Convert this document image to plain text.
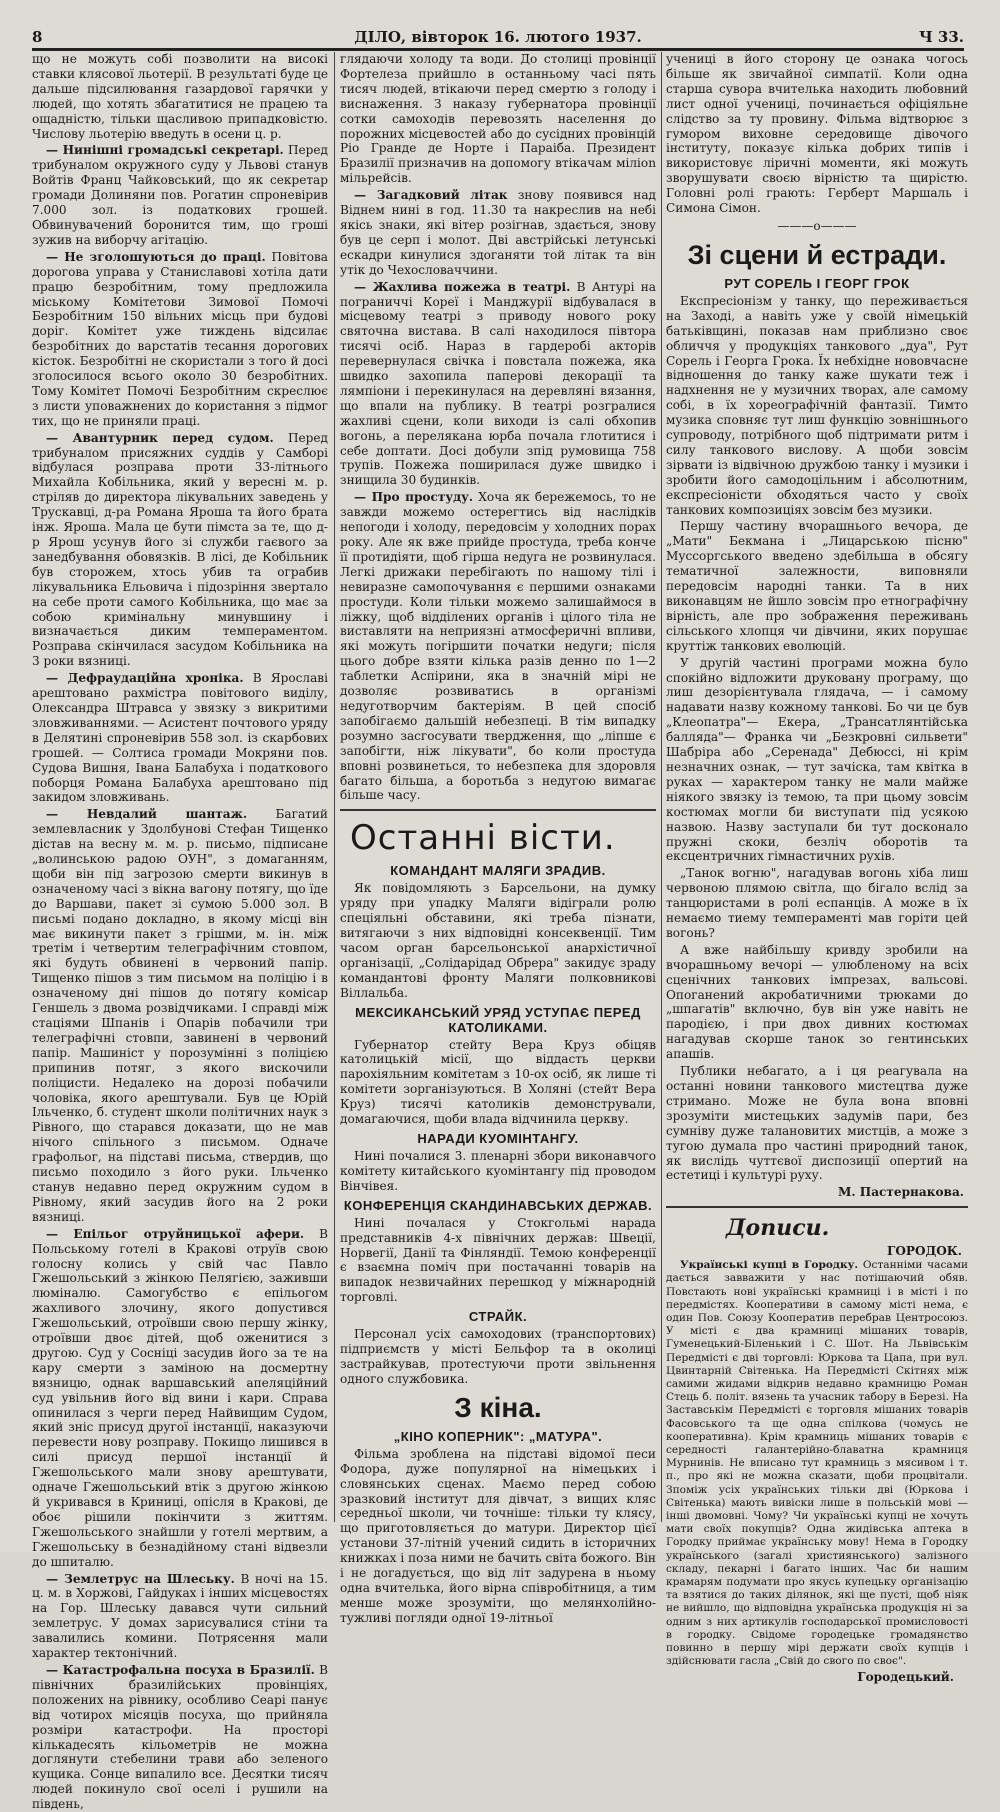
8	ДІЛО, вівторок 16. лютого 1937.	Ч 33.

що не можуть собі позволити на високі ставки клясової льотерії. В результаті буде це дальше підсилювання газардової гарячки у людей, що хотять збагатитися не працею та ощадністю, тільки щасливою припадковістю. Числову льотерію введуть в осени ц. р.

— Нинішні громадські секретарі. Перед трибуналом окружного суду у Львові станув Войтів Франц Чайковський, що як секретар громади Долиняни пов. Рогатин спроневірив 7.000 зол. із податкових грошей. Обвинувачений боронится тим, що гроші зужив на виборчу агітацію.

— Не зголошуються до праці. Повітова дорогова управа у Станиславові хотіла дати працю безробітним, тому предложила міському Комітетови Зимової Помочі Безробітним 150 вільних місць при будові доріг. Комітет уже тиждень відсилає безробітних до варстатів тесання дорогових кісток. Безробітні не скористали з того й досі зголосилося всього около 30 безробітних. Тому Комітет Помочі Безробітним скреслює з листи уповажнених до користання з підмог тих, що не приняли праці.

— Авантурник перед судом. Перед трибуналом присяжних суддів у Самборі відбулася розправа проти 33-літнього Михайла Кобільника, який у вересні м. р. стріляв до директора лікувальних заведень у Трускавці, д-ра Романа Ярoша та його брата інж. Яроша. Мала це бути пімста за те, що д-р Ярош усунув його зі служби гаєвого за занедбування обовязків. В лісі, де Кобільник був сторожем, хтось убив та ограбив лікувальника Ельовича і підозріння звертало на себе проти самого Кобільника, що має за собою кримінальну минувшину і визначається диким темпераментом. Розправа скінчилася засудом Кобільника на 3 роки вязниці.

— Дефраудаційна хроніка. В Ярославі арештовано рахмістра повітового виділу, Олександра Штравса у звязку з викритими зловживаннями. — Асистент почтового уряду в Делятині спроневірив 558 зол. із скарбових грошей. — Солтиса громади Мокряни пов. Судова Вишня, Івана Балабуха і податкового поборця Романа Балабуха арештовано під закидом зловживань.

— Невдалий шантаж. Багатий землевласник у Здолбунові Стефан Тищенко дістав на весну м. м. р. письмо, підписане „волинською радою ОУН", з домаганням, щоби він під загрозою смерти викинув в означеному часі з вікна вагону потягу, що їде до Варшави, пакет зі сумою 5.000 зол. В письмі подано докладно, в якому місці він має викинути пакет з грішми, м. ін. між третім і четвертим телеграфічним стовпом, які будуть обвинені в червоний папір. Тищенко пішов з тим письмом на поліцію і в означеному дні пішов до потягу комісар Геншель з двома розвідчиками. І справді між стаціями Шпанів і Опарів побачили три телеграфічні стовпи, завинені в червоний папір. Машиніст у порозумінні з поліцією припинив потяг, з якого вискочили поліцисти. Недалеко на дорозі побачили чоловіка, якого арештували. Був це Юрій Ільченко, б. студент школи політичних наук з Рівного, що старався доказати, що не мав нічого спільного з письмом. Одначе графольог, на підставі письма, ствердив, що письмо походило з його руки. Ільченко станув недавно перед окружним судом в Рівному, який засудив його на 2 роки вязниці.

— Епільог отруйницької афери. В Польському готелі в Кракові отруїв свою голосну колись у свій час Павло Гжешольський з жінкою Пелягією, заживши люміналю. Самогубство є епільогом жахливого злочину, якого допустився Гжешольський, отроївши свою першу жінку, отроївши двоє дітей, щоб оженитися з другою. Суд у Сосніці засудив його за те на кару смерти з заміною на досмертну вязницю, однак варшавський апеляційний суд увільнив його від вини і кари. Справа опинилася з черги перед Найвищим Судом, який зніс присуд другої інстанції, наказуючи перевести нову розправу. Покищо лишився в силі присуд першої інстанції й Гжешольського мали знову арештувати, одначе Гжешольський втік з другою жінкою й укривався в Криниці, опісля в Кракові, де обоє рішили покінчити з життям. Гжешольського знайшли у готелі мертвим, а Гжешольську в безнадійному стані відвезли до шпиталю.

— Землетрус на Шлеську. В ночі на 15. ц. м. в Хоржові, Гайдуках і інших місцевостях на Гор. Шлеську давався чути сильний землетрус. У домах зарисувалися стіни та завалились комини. Потрясення мали характер тектонічний.

— Катастрофальна посуха в Бразилії. В північних бразилійських провінціях, положених на рівнику, особливо Сеарі панує від чотирох місяців посуха, що прийняла розміри катастрофи. На просторі кількадесять кільометрів не можна доглянути стебелини трави або зеленого кущика. Сонце випалило все. Десятки тисяч людей покинуло свої оселі і рушили на південь,

глядаючи холоду та води. До столиці провінції Фортелеза прийшло в останньому часі пять тисяч людей, втікаючи перед смертю з голоду і виснаження. З наказу губернатора провінції сотки самоходів перевозять населення до порожних місцевостей або до сусідних провінцій Ріо Гранде де Норте і Параіба. Президент Бразилії призначив на допомогу втікачам мілion мільрейсів.

— Загадковий літак знову появився над Віднем нині в год. 11.30 та накреслив на небі якісь знаки, які вітер розігнав, здається, знову був це серп і молот. Дві австрійські летунські ескадри кинулися здоганяти той літак та він утік до Чехословаччини.

— Жахлива пожежа в театрі. В Антурі на пограниччі Кореї і Манджурії відбувалася в місцевому театрі з приводу нового року святочна вистава. В салі находилося півтора тисячі осіб. Нараз в гардеробі акторів перевернулася свічка і повстала пожежа, яка швидко захопила паперові декорації та лямпіони і перекинулася на деревляні вязання, що впали на публику. В театрі розгралися жахливі сцени, коли виходи із салі обхопив вогонь, а переляканa юрба почала глотитися і себе доптати. Досі добули зпід румовища 758 трупів. Пожежа поширилася дуже швидко і знищила 30 будинків.

— Про простуду. Хоча як бережемось, то не завжди можемо остерегтись від наслідків непогоди і холоду, передовсім у холодних порах року. Але як вже прийде простуда, треба конче її протидіяти, щоб гірша недуга не розвинулася. Легкі дрижаки перебігають по нашому тілі і невиразне самопочування є першими ознаками простуди. Коли тільки можемо залишаймося в ліжку, щоб відділених органів і цілого тіла не виставляти на неприязні атмосферичні впливи, які можуть погіршити початки недуги; після цього добре взяти кілька разів денно по 1—2 таблетки Аспірини, яка в значній мірі не дозволяє розвиватись в організмі недуготворчим бактеріям. В цей спосіб запобігаємо дальшій небезпеці. В тім випадку розумно засгосувати твердження, що „ліпше є запобігти, ніж лікувати", бо коли простуда вповні розвинеться, то небезпека для здоровля багато більша, а боротьба з недугою вимагає більше часу.

Останні вісти.
КОМАНДАНТ МАЛЯГИ ЗРАДИВ.

Як повідомляють з Барсельони, на думку уряду при упадку Маляги відіграли ролю спеціяльні обставини, які треба пізнати, витягаючи з них відповідні консеквенції. Тим часом орган барсельонської анархістичної організації, „Солідарідад Обрера" закидує зраду командантові фронту Маляги полковникові Віллальба.

МЕКСИКАНСЬКИЙ УРЯД УСТУПАЄ ПЕРЕД КАТОЛИКАМИ.

Губернатор стейту Вера Круз обіцяв католицькій місії, що віддасть церкви парохіяльним комітетам з 10-ох осіб, як лише ті комітети зорганізуються. В Холяні (стейт Вера Круз) тисячі католиків демонстрували, домагаючися, щоби влада відчинила церкву.

НАРАДИ КУОМІНТАНГУ.

Нині почалися 3. пленарні збори виконавчого комітету китайського куомінтангу під проводом Вінчівея.

КОНФЕРЕНЦІЯ СКАНДИНАВСЬКИХ ДЕРЖАВ.

Нині почалася у Стокгольмі нарада представників 4-х північних держав: Швеції, Норвегії, Данії та Фінляндії. Темою конференції є взаємна поміч при постачанні товарів на випадок незвичайних перешкод у міжнародній торговлі.

СТРАЙК.

Персонал усіх самоходових (транспортових) підприємств у місті Бельфор та в околиці застрайкував, протестуючи проти звільнення одного службовика.

З кіна.
„КІНО КОПЕРНИК": „МАТУРА".

Фільма зроблена на підставі відомої песи Фодора, дуже популярної на німецьких і словянських сценах. Маємо перед собою зразковий інститут для дівчат, з вищих кляс середньої школи, чи точніше: тільки ту клясу, що приготовляється до матури. Директор цієї установи 37-літній учений сидить в історичних книжках і поза ними не бачить світа божого. Він і не догадується, що від літ задурена в ньому одна вчителька, його вірна співробітниця, а тим менше може зрозуміти, що мелянхолійно-тужливі погляди одної 19-літньої

учениці в його сторону це ознака чогось більше як звичайної симпатії. Коли одна старша сувора вчителька находить любовний лист одної учениці, починається офіціяльне слідство за ту провину. Фільма відтворює з гумором виховне середовище дівочого інституту, показує кілька добрих типів і використовує ліричні моменти, які можуть зворушувати своєю вірністю та щирістю. Головні ролі грають: Герберт Маршаль і Симона Сімон.

———о———
Зі сцени й естради.
РУТ СОРЕЛЬ І ГЕОРГ ГРОК

Експресіонізм у танку, що переживається на Заході, а навіть уже у своїй німецькій батьківщині, показав нам приблизно своє обличчя у продукціях танкового „дуа", Рут Сорель і Георга Грока. Їх небхідне нововчасне відношення до танку каже шукати теж і надхнення не у музичних творах, але самому собі, в їх хореографічній фантазії. Тимто музика сповняє тут лиш функцію зовнішнього супроводу, потрібного щоб підтримати ритм і силу танкового вислову. А щоби зовсім зірвати із відвічною дружбою танку і музики і зробити його самодоцільним і абсолютним, експресіоністи обходяться часто у своїх танкових композиціях зовсім без музики.

Першу частину вчорашнього вечора, де „Мати" Бекмана і „Лицарською пісню" Муссоргського введено здебільша в обсягу тематичної залежности, виповняли передовсім народні танки. Та в них виконавцям не йшло зовсім про етнографічну вірність, але про зображення переживань сільського хлопця чи дівчини, яких порушає круттіж танкових еволюцій.

У другій частині програми можна було спокійно відложити друковану програму, що лиш дезорієнтувала глядача, — і самому надавати назву кожному танкові. Бо чи це був „Клеопатра"— Екера, „Трансатлянтійська балляда"— Франка чи „Безкровні сильвети" Шабріра або „Серенада" Дебюссі, ні крім незначних ознак, — тут зачіска, там квітка в руках — характером танку не мали майже ніякого звязку із темою, та при цьому зовсім костюмах могли би виступати під усякою назвою. Назву заступали би тут досконало пружні скоки, безліч оборотів та ексцентричних гімнастичних рухів.

„Танок вогню", нагадував вогонь хіба лиш червоною плямою світла, що бігало вслід за танцюристами в ролі еспанців. А може в їх немаємо тиему темпераменті мав горіти цей вогонь?

А вже найбільшу кривду зробили на вчорашньому вечорі — улюбленому на всіх сценічних танкових імпрезах, вальсові. Опоганений акробатичними трюками до „шпагатів" включно, був він уже навіть не пародією, і при двох дивних костюмах нагадував скорше танок зо гентинських апашів.

Публики небагато, а і ця реагувала на останні новини танкового мистецтва дуже стримано. Може не була вона вповні зрозуміти мистецьких задумів пари, без сумніву дуже талановитих мистців, а може з тугою думала про частині природний танок, як вислідь чуттєвої диспозиції опертий на естетиці і культурі руху.

М. Пастернакова.
Дописи.
ГОРОДОК.

Українські купці в Городку. Останніми часами дається завважити у нас потішаючий обяв. Повстають нові українські крамниці і в місті і по передмістях. Кооперативи в самому місті нема, є один Пов. Союзу Кооператив перебрав Центросоюз. У місті є два крамниці мішаних товарів, Гуменецький-Біленький і С. Шот. На Львівськім Передмісті є дві торговлі: Юркова та Цапа, при вул. Цвинтарній Світенька. На Передмісті Скітнях між самими жидами відкрив недавно крамницю Роман Стець б. політ. вязень та учасник табору в Березі. На Заставськім Передмісті є торговля мішаних товарів Фасовського та ще одна спілкова (чомусь не кооперативна). Крім крамниць мішаних товарів є середності галантерійно-блаватна крамниця Мурнинів. Не вписано тут крамниць з мясивом і т. п., про які не можна сказати, щоби процвітали. Зпоміж усіх українських тільки дві (Юркова і Світенька) мають вивіски лише в польській мові — інші двомовні. Чому? Чи українські купці не хочуть мати своїх покупців? Одна жидівська аптека в Городку приймає українську мову! Нема в Городку українського (загалі християнського) залізного складу, пекарні і багато інших. Час би нашим крамарям подумати про якусь купецьку організацію та взятися до таких ділянок, які ще пусті, щоб ніяк не вийшло, що відповідна українська продукція ні за одним з них артикулів господарської промисловості в городку. Свідоме городецьке громадянство повинно в першу мірі держати своїх купців і здійснювати гасла „Свій до свого по своє".

Городецький.
